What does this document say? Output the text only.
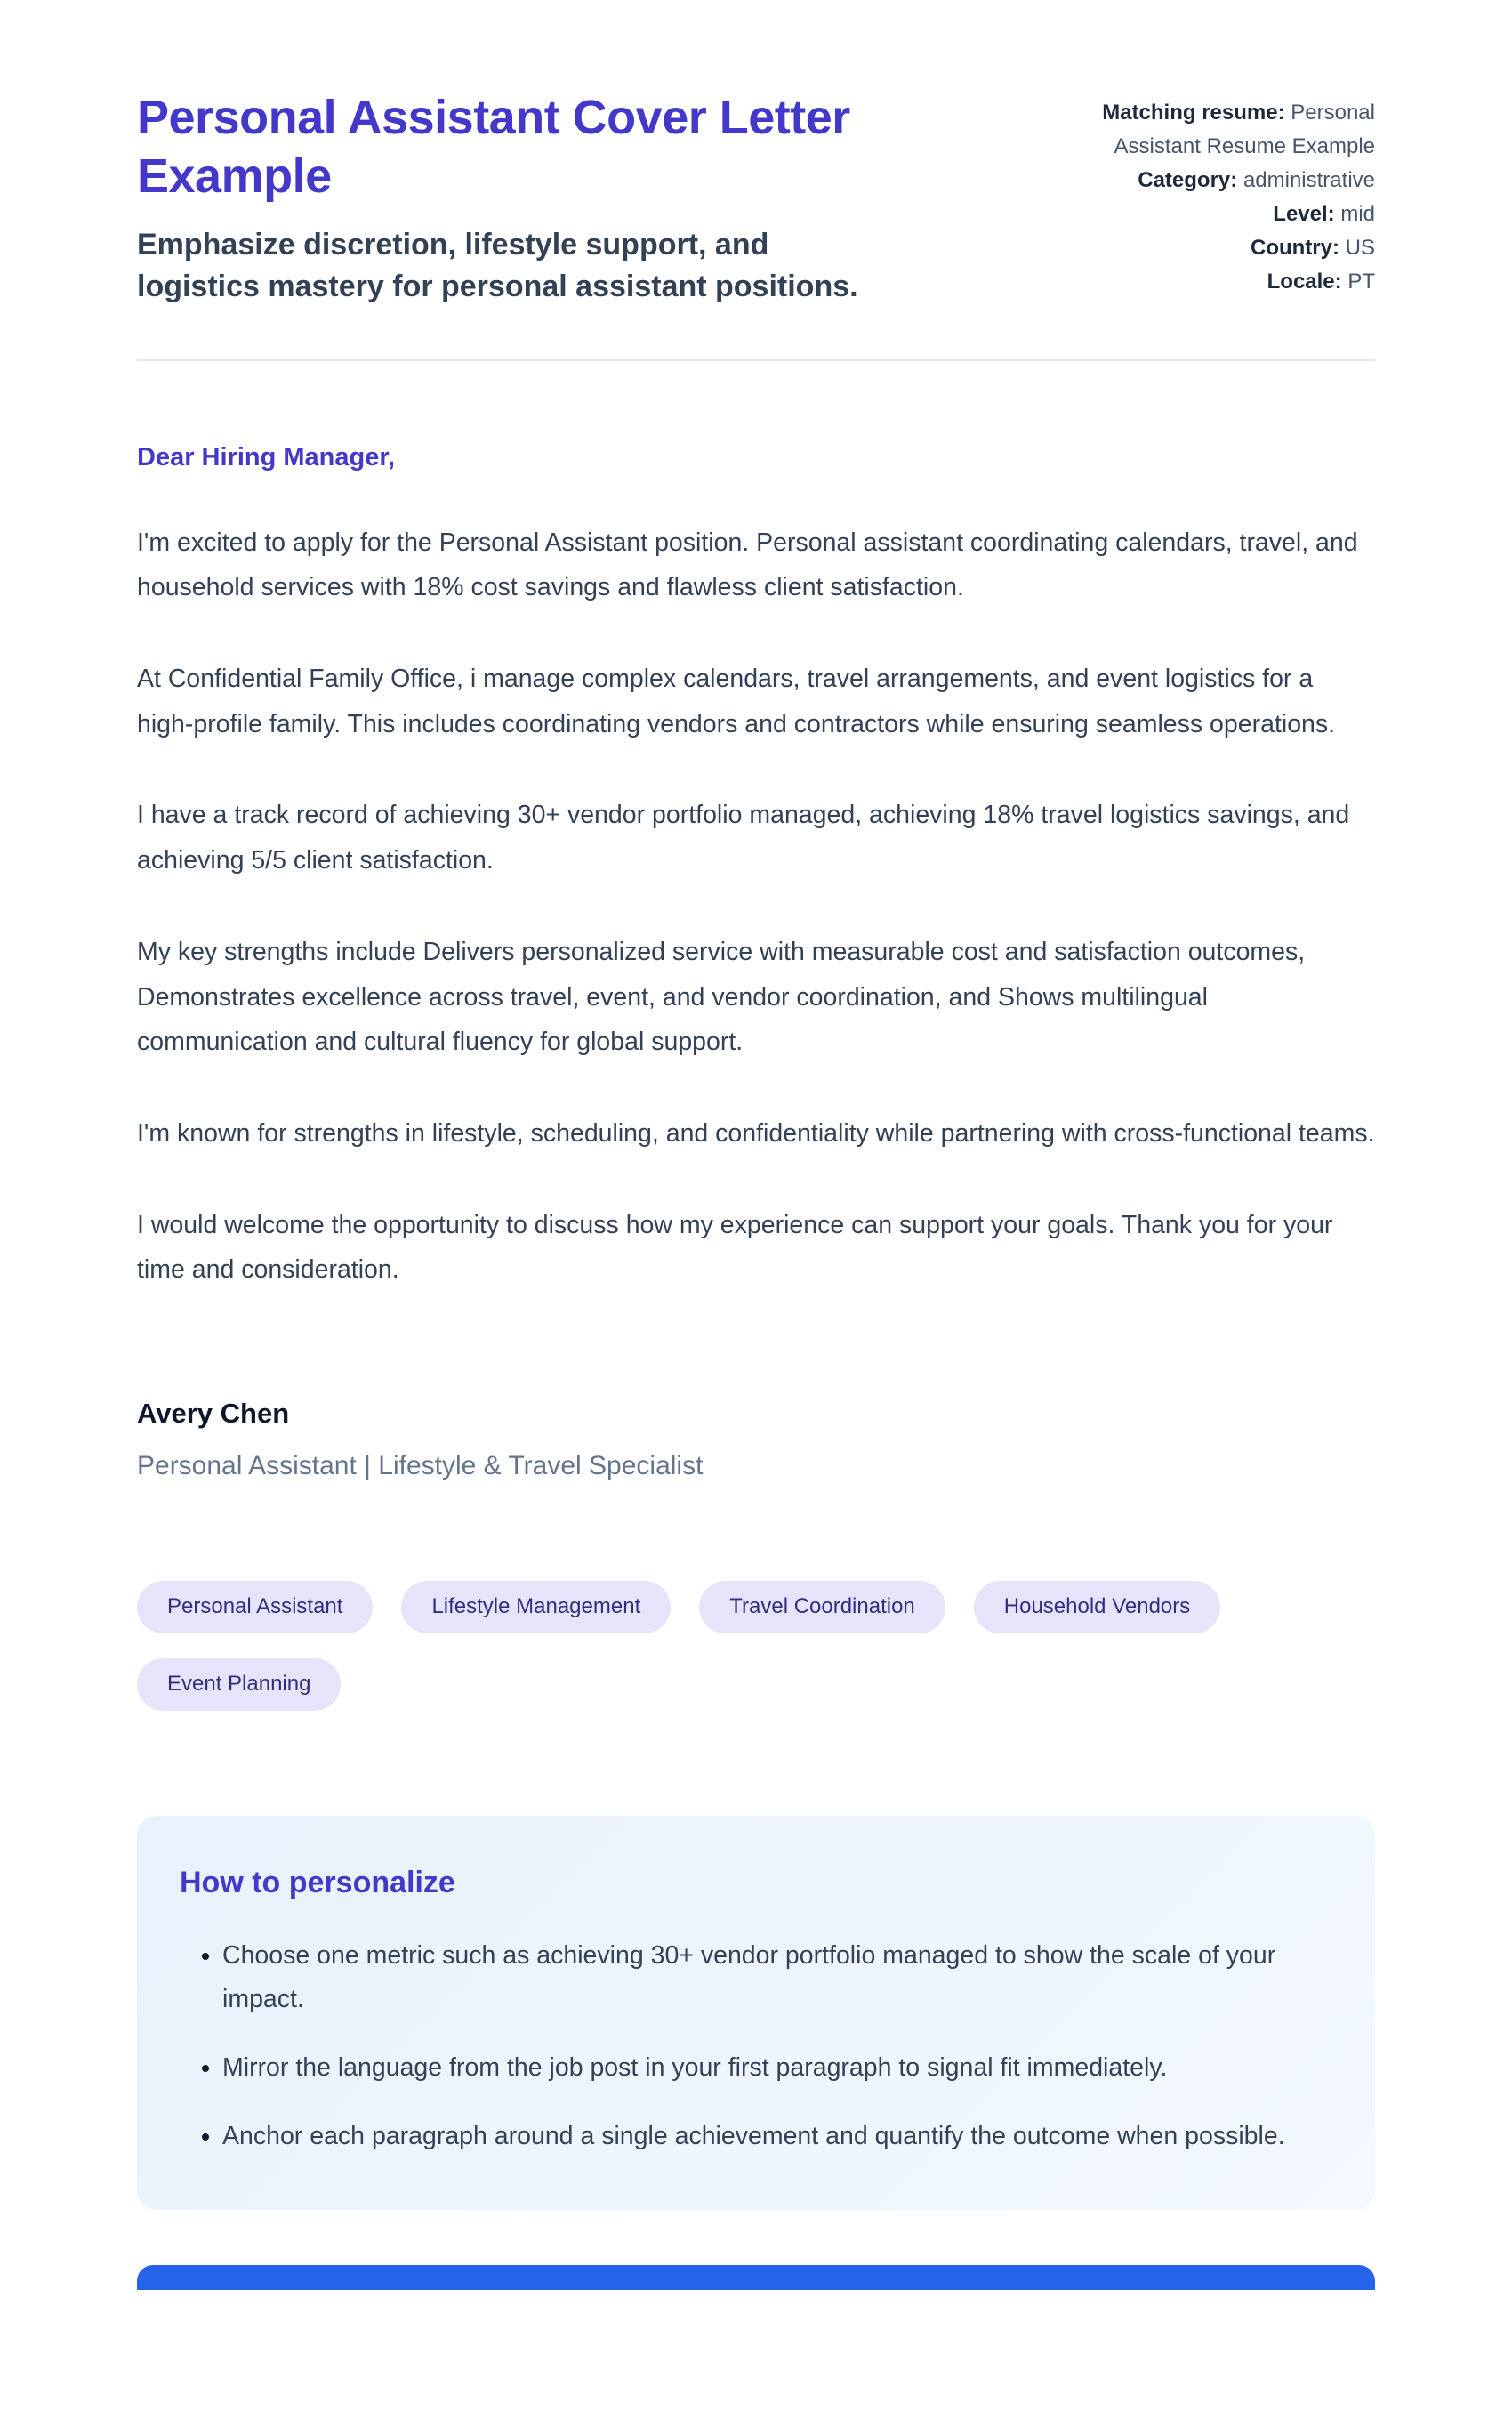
Personal Assistant Cover Letter Example

Emphasize discretion, lifestyle support, and logistics mastery for personal assistant positions.

Matching resume: Personal Assistant Resume Example
Category: administrative
Level: mid
Country: US
Locale: PT

Dear Hiring Manager,

I'm excited to apply for the Personal Assistant position. Personal assistant coordinating calendars, travel, and household services with 18% cost savings and flawless client satisfaction.

At Confidential Family Office, i manage complex calendars, travel arrangements, and event logistics for a high-profile family. This includes coordinating vendors and contractors while ensuring seamless operations.

I have a track record of achieving 30+ vendor portfolio managed, achieving 18% travel logistics savings, and achieving 5/5 client satisfaction.

My key strengths include Delivers personalized service with measurable cost and satisfaction outcomes, Demonstrates excellence across travel, event, and vendor coordination, and Shows multilingual communication and cultural fluency for global support.

I'm known for strengths in lifestyle, scheduling, and confidentiality while partnering with cross-functional teams.

I would welcome the opportunity to discuss how my experience can support your goals. Thank you for your time and consideration.

Avery Chen

Personal Assistant | Lifestyle & Travel Specialist

Personal Assistant	Lifestyle Management	Travel Coordination	Household Vendors
Event Planning
How to personalize
• Choose one metric such as achieving 30+ vendor portfolio managed to show the scale of your impact.
• Mirror the language from the job post in your first paragraph to signal fit immediately.
• Anchor each paragraph around a single achievement and quantify the outcome when possible.
